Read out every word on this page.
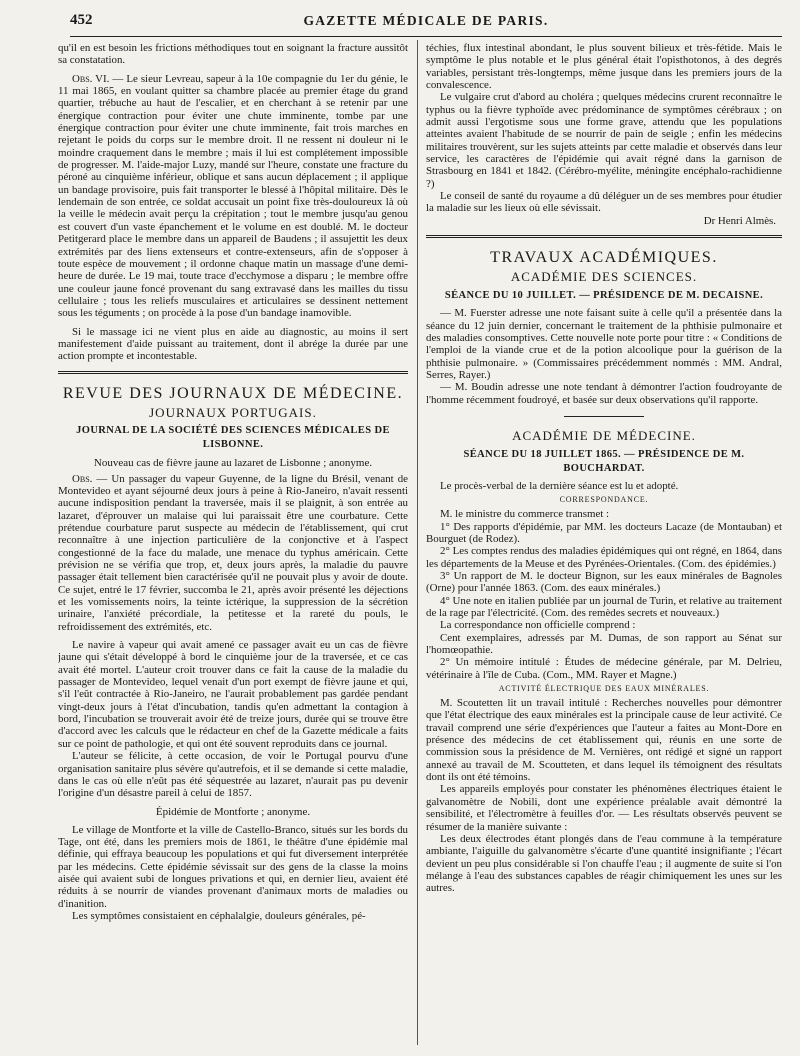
452	GAZETTE MÉDICALE DE PARIS.

qu'il en est besoin les frictions méthodiques tout en soignant la fracture aussitôt sa constatation.

Obs. VI. — Le sieur Levreau, sapeur à la 10e compagnie du 1er du génie, le 11 mai 1865, en voulant quitter sa chambre placée au premier étage du grand quartier, trébuche au haut de l'escalier, et en cherchant à se retenir par une énergique contraction pour éviter une chute imminente, tombe par une énergique contraction pour éviter une chute imminente, fait trois marches en rejetant le poids du corps sur le membre droit. Il ne ressent ni douleur ni le moindre craquement dans le membre ; mais il lui est complétement impossible de progresser. M. l'aide-major Luzy, mandé sur l'heure, constate une fracture du péroné au cinquième inférieur, oblique et sans aucun déplacement ; il applique un bandage provisoire, puis fait transporter le blessé à l'hôpital militaire. Dès le lendemain de son entrée, ce soldat accusait un point fixe très-douloureux là où la veille le médecin avait perçu la crépitation ; tout le membre jusqu'au genou est couvert d'un vaste épanchement et le volume en est doublé. M. le docteur Petitgerard place le membre dans un appareil de Baudens ; il assujettit les deux extrémités par des liens extenseurs et contre-extenseurs, afin de s'opposer à toute espèce de mouvement ; il ordonne chaque matin un massage d'une demi-heure de durée. Le 19 mai, toute trace d'ecchymose a disparu ; le membre offre une couleur jaune foncé provenant du sang extravasé dans les mailles du tissu cellulaire ; tous les reliefs musculaires et articulaires se dessinent nettement sous les téguments ; on procède à la pose d'un bandage inamovible.

Si le massage ici ne vient plus en aide au diagnostic, au moins il sert manifestement d'aide puissant au traitement, dont il abrége la durée par une action prompte et incontestable.

REVUE DES JOURNAUX DE MÉDECINE.
JOURNAUX PORTUGAIS.
JOURNAL DE LA SOCIÉTÉ DES SCIENCES MÉDICALES DE LISBONNE.
Nouveau cas de fièvre jaune au lazaret de Lisbonne ; anonyme.

Obs. — Un passager du vapeur Guyenne, de la ligne du Brésil, venant de Montevideo et ayant séjourné deux jours à peine à Rio-Janeiro, n'avait ressenti aucune indisposition pendant la traversée, mais il se plaignit, à son entrée au lazaret, d'éprouver un malaise qui lui paraissait être une courbature. Cette prétendue courbature parut suspecte au médecin de l'établissement, qui crut reconnaître à une injection particulière de la conjonctive et à l'aspect congestionné de la face du malade, une menace du typhus américain. Cette prévision ne se vérifia que trop, et, deux jours après, la maladie du pauvre passager était tellement bien caractérisée qu'il ne pouvait plus y avoir de doute. Ce sujet, entré le 17 février, succomba le 21, après avoir présenté les déjections et les vomissements noirs, la teinte ictérique, la suppression de la sécrétion urinaire, l'anxiété précordiale, la petitesse et la rareté du pouls, le refroidissement des extrémités, etc.

Le navire à vapeur qui avait amené ce passager avait eu un cas de fièvre jaune qui s'était développé à bord le cinquième jour de la traversée, et ce cas avait été mortel. L'auteur croit trouver dans ce fait la cause de la maladie du passager de Montevideo, lequel venait d'un port exempt de fièvre jaune et qui, s'il l'eût contractée à Rio-Janeiro, ne l'aurait probablement pas gardée pendant vingt-deux jours à l'état d'incubation, tandis qu'en admettant la contagion à bord, l'incubation se trouverait avoir été de treize jours, durée qui se trouve être d'accord avec les calculs que le rédacteur en chef de la Gazette médicale a faits sur ce point de pathologie, et qui ont été souvent reproduits dans ce journal.

L'auteur se félicite, à cette occasion, de voir le Portugal pourvu d'une organisation sanitaire plus sévère qu'autrefois, et il se demande si cette maladie, dans le cas où elle n'eût pas été séquestrée au lazaret, n'aurait pas pu devenir l'origine d'un désastre pareil à celui de 1857.

Épidémie de Montforte ; anonyme.

Le village de Montforte et la ville de Castello-Branco, situés sur les bords du Tage, ont été, dans les premiers mois de 1861, le théâtre d'une épidémie mal définie, qui effraya beaucoup les populations et qui fut diversement interprétée par les médecins. Cette épidémie sévissait sur des gens de la classe la moins aisée qui avaient subi de longues privations et qui, en dernier lieu, avaient été réduits à se nourrir de viandes provenant d'animaux morts de maladies ou d'inanition.

Les symptômes consistaient en céphalalgie, douleurs générales, pé-

téchies, flux intestinal abondant, le plus souvent bilieux et très-fétide. Mais le symptôme le plus notable et le plus général était l'opisthotonos, à des degrés variables, persistant très-longtemps, même jusque dans les premiers jours de la convalescence.

Le vulgaire crut d'abord au choléra ; quelques médecins crurent reconnaître le typhus ou la fièvre typhoïde avec prédominance de symptômes cérébraux ; on admit aussi l'ergotisme sous une forme grave, attendu que les populations atteintes avaient l'habitude de se nourrir de pain de seigle ; enfin les médecins militaires trouvèrent, sur les sujets atteints par cette maladie et observés dans leur service, les caractères de l'épidémie qui avait régné dans la garnison de Strasbourg en 1841 et 1842. (Cérébro-myélite, méningite encéphalo-rachidienne ?)

Le conseil de santé du royaume a dû déléguer un de ses membres pour étudier la maladie sur les lieux où elle sévissait.

Dr Henri Almès.
TRAVAUX ACADÉMIQUES.
ACADÉMIE DES SCIENCES.
SÉANCE DU 10 JUILLET. — PRÉSIDENCE DE M. DECAISNE.

— M. Fuerster adresse une note faisant suite à celle qu'il a présentée dans la séance du 12 juin dernier, concernant le traitement de la phthisie pulmonaire et des maladies consomptives. Cette nouvelle note porte pour titre : « Conditions de l'emploi de la viande crue et de la potion alcoolique pour la guérison de la phthisie pulmonaire. » (Commissaires précédemment nommés : MM. Andral, Serres, Rayer.)

— M. Boudin adresse une note tendant à démontrer l'action foudroyante de l'homme récemment foudroyé, et basée sur deux observations qu'il rapporte.

ACADÉMIE DE MÉDECINE.
SÉANCE DU 18 JUILLET 1865. — PRÉSIDENCE DE M. BOUCHARDAT.

Le procès-verbal de la dernière séance est lu et adopté.

CORRESPONDANCE.

M. le ministre du commerce transmet :

1° Des rapports d'épidémie, par MM. les docteurs Lacaze (de Montauban) et Bourguet (de Rodez).

2° Les comptes rendus des maladies épidémiques qui ont régné, en 1864, dans les départements de la Meuse et des Pyrénées-Orientales. (Com. des épidémies.)

3° Un rapport de M. le docteur Bignon, sur les eaux minérales de Bagnoles (Orne) pour l'année 1863. (Com. des eaux minérales.)

4° Une note en italien publiée par un journal de Turin, et relative au traitement de la rage par l'électricité. (Com. des remèdes secrets et nouveaux.)

La correspondance non officielle comprend :

Cent exemplaires, adressés par M. Dumas, de son rapport au Sénat sur l'homœopathie.

2° Un mémoire intitulé : Études de médecine générale, par M. Delrieu, vétérinaire à l'île de Cuba. (Com., MM. Rayer et Magne.)

ACTIVITÉ ÉLECTRIQUE DES EAUX MINÉRALES.

M. Scoutetten lit un travail intitulé : Recherches nouvelles pour démontrer que l'état électrique des eaux minérales est la principale cause de leur activité. Ce travail comprend une série d'expériences que l'auteur a faites au Mont-Dore en présence des médecins de cet établissement qui, réunis en une sorte de commission sous la présidence de M. Vernières, ont rédigé et signé un rapport annexé au travail de M. Scoutteten, et dans lequel ils témoignent des résultats dont ils ont été témoins.

Les appareils employés pour constater les phénomènes électriques étaient le galvanomètre de Nobili, dont une expérience préalable avait démontré la sensibilité, et l'électromètre à feuilles d'or. — Les résultats observés peuvent se résumer de la manière suivante :

Les deux électrodes étant plongés dans de l'eau commune à la température ambiante, l'aiguille du galvanomètre s'écarte d'une quantité insignifiante ; l'écart devient un peu plus considérable si l'on chauffe l'eau ; il augmente de suite si l'on mélange à l'eau des substances capables de réagir chimiquement les unes sur les autres.
